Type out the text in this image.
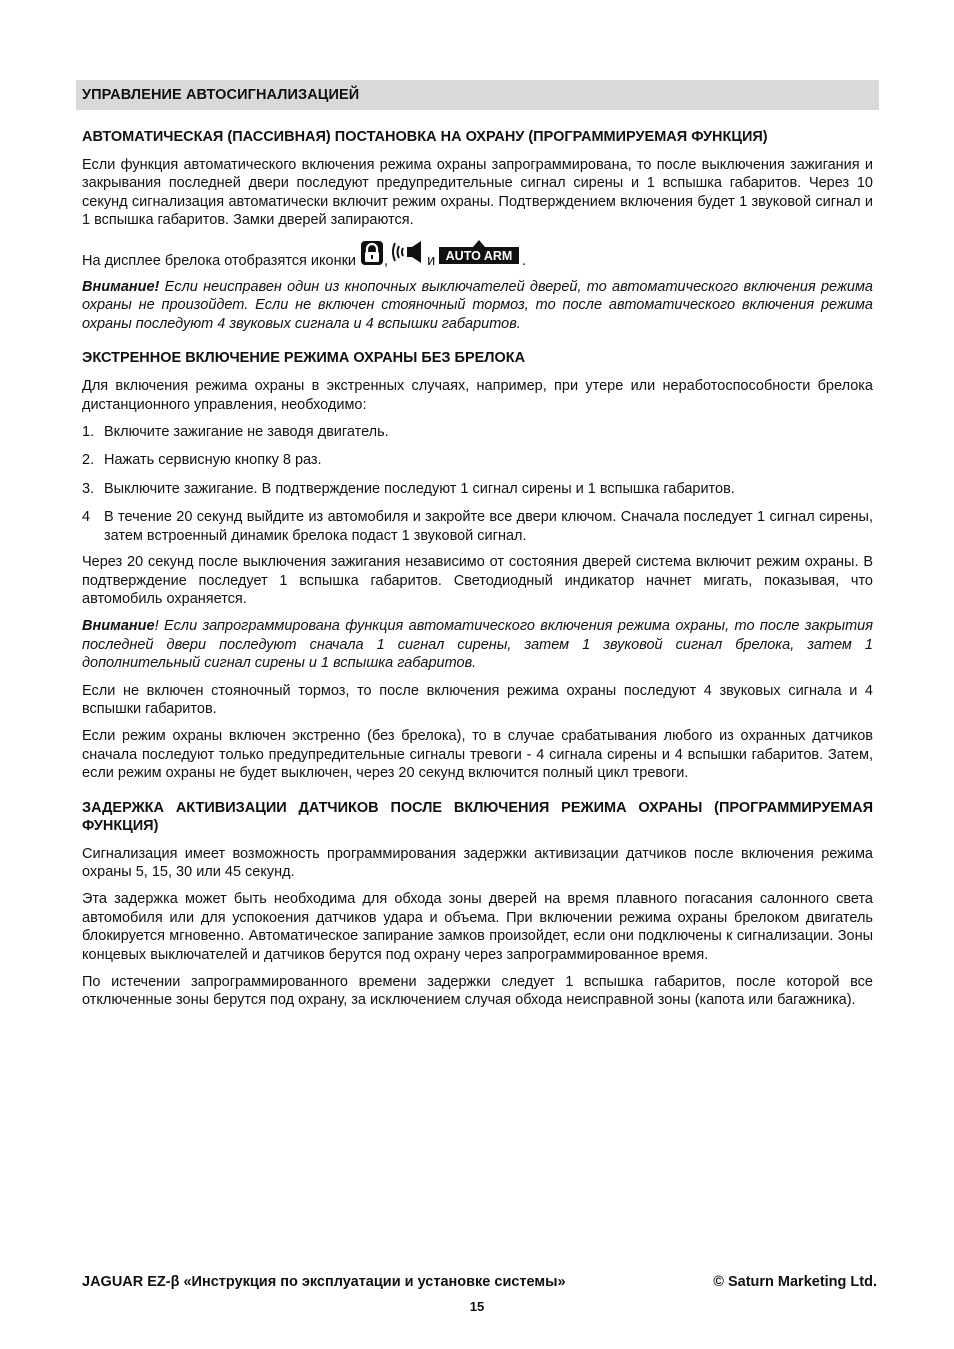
УПРАВЛЕНИЕ АВТОСИГНАЛИЗАЦИЕЙ
АВТОМАТИЧЕСКАЯ (ПАССИВНАЯ) ПОСТАНОВКА НА ОХРАНУ (ПРОГРАММИРУЕМАЯ ФУНКЦИЯ)

Если функция автоматического включения режима охраны запрограммирована, то после выключения зажигания и закрывания последней двери последуют предупредительные сигнал сирены и 1 вспышка габаритов. Через 10 секунд сигнализация автоматически включит режим охраны. Подтверждением включения будет 1 звуковой сигнал и 1 вспышка габаритов. Замки дверей запираются.

На дисплее брелока отобразятся иконки ,	и AUTO ARM .

Внимание! Если неисправен один из кнопочных выключателей дверей, то автоматического включения режима охраны не произойдет. Если не включен стояночный тормоз, то после автоматического включения режима охраны последуют 4 звуковых сигнала и 4 вспышки габаритов.

ЭКСТРЕННОЕ ВКЛЮЧЕНИЕ РЕЖИМА ОХРАНЫ БЕЗ БРЕЛОКА

Для включения режима охраны в экстренных случаях, например, при утере или неработоспособности брелока дистанционного управления, необходимо:

1. Включите зажигание не заводя двигатель.
2. Нажать сервисную кнопку 8 раз.
3. Выключите зажигание. В подтверждение последуют 1 сигнал сирены и 1 вспышка габаритов.
4 В течение 20 секунд выйдите из автомобиля и закройте все двери ключом. Сначала последует 1 сигнал сирены, затем встроенный динамик брелока подаст 1 звуковой сигнал.

Через 20 секунд после выключения зажигания независимо от состояния дверей система включит режим охраны. В подтверждение последует 1 вспышка габаритов. Светодиодный индикатор начнет мигать, показывая, что автомобиль охраняется.

Внимание! Если запрограммирована функция автоматического включения режима охраны, то после закрытия последней двери последуют сначала 1 сигнал сирены, затем 1 звуковой сигнал брелока, затем 1 дополнительный сигнал сирены и 1 вспышка габаритов.

Если не включен стояночный тормоз, то после включения режима охраны последуют 4 звуковых сигнала и 4 вспышки габаритов.

Если режим охраны включен экстренно (без брелока), то в случае срабатывания любого из охранных датчиков сначала последуют только предупредительные сигналы тревоги - 4 сигнала сирены и 4 вспышки габаритов. Затем, если режим охраны не будет выключен, через 20 секунд включится полный цикл тревоги.

ЗАДЕРЖКА АКТИВИЗАЦИИ ДАТЧИКОВ ПОСЛЕ ВКЛЮЧЕНИЯ РЕЖИМА ОХРАНЫ (ПРОГРАММИРУЕМАЯ ФУНКЦИЯ)

Сигнализация имеет возможность программирования задержки активизации датчиков после включения режима охраны 5, 15, 30 или 45 секунд.

Эта задержка может быть необходима для обхода зоны дверей на время плавного погасания салонного света автомобиля или для успокоения датчиков удара и объема. При включении режима охраны брелоком двигатель блокируется мгновенно. Автоматическое запирание замков произойдет, если они подключены к сигнализации. Зоны концевых выключателей и датчиков берутся под охрану через запрограммированное время.

По истечении запрограммированного времени задержки следует 1 вспышка габаритов, после которой все отключенные зоны берутся под охрану, за исключением случая обхода неисправной зоны (капота или багажника).

JAGUAR EZ-β «Инструкция по эксплуатации и установке системы»	© Saturn Marketing Ltd.
15
